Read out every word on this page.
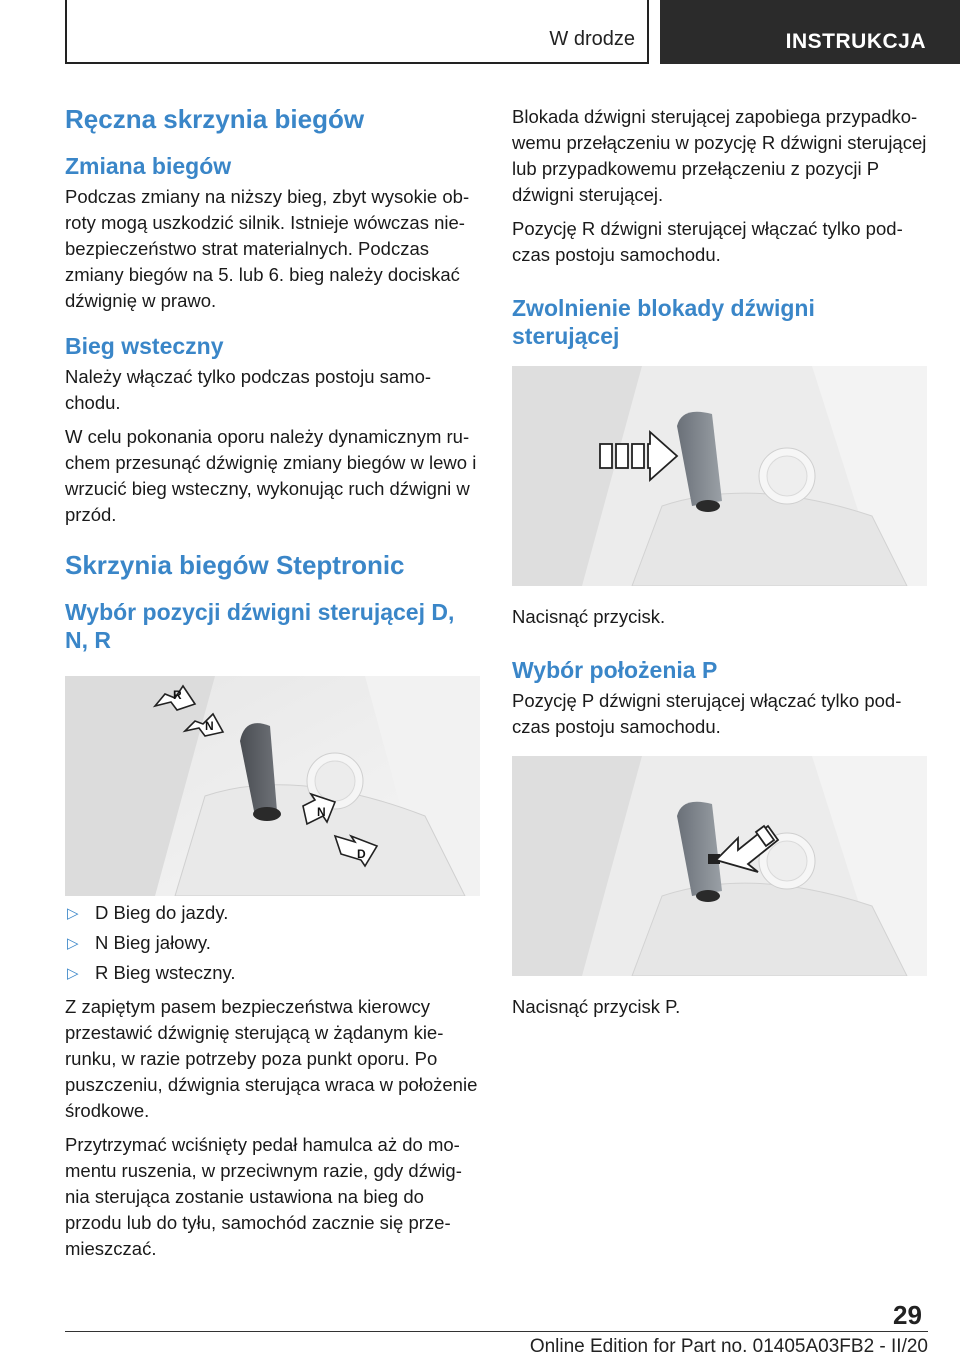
W drodze	INSTRUKCJA
Ręczna skrzynia biegów
Zmiana biegów

Podczas zmiany na niższy bieg, zbyt wysokie obroty mogą uszkodzić silnik. Istnieje wówczas niebezpieczeństwo strat materialnych. Podczas zmiany biegów na 5. lub 6. bieg należy dociskać dźwignię w prawo.

Bieg wsteczny

Należy włączać tylko podczas postoju samochodu.

W celu pokonania oporu należy dynamicznym ruchem przesunąć dźwignię zmiany biegów w lewo i wrzucić bieg wsteczny, wykonując ruch dźwigni w przód.

Skrzynia biegów Steptronic
Wybór pozycji dźwigni sterującej D, N, R
R
N
N
D
▷ D Bieg do jazdy.
▷ N Bieg jałowy.
▷ R Bieg wsteczny.

Z zapiętym pasem bezpieczeństwa kierowcy przestawić dźwignię sterującą w żądanym kierunku, w razie potrzeby poza punkt oporu. Po puszczeniu, dźwignia sterująca wraca w położenie środkowe.

Przytrzymać wciśnięty pedał hamulca aż do momentu ruszenia, w przeciwnym razie, gdy dźwignia sterująca zostanie ustawiona na bieg do przodu lub do tyłu, samochód zacznie się przemieszczać.

Blokada dźwigni sterującej zapobiega przypadkowemu przełączeniu w pozycję R dźwigni sterującej lub przypadkowemu przełączeniu z pozycji P dźwigni sterującej.

Pozycję R dźwigni sterującej włączać tylko podczas postoju samochodu.

Zwolnienie blokady dźwigni sterującej

Nacisnąć przycisk.

Wybór położenia P

Pozycję P dźwigni sterującej włączać tylko podczas postoju samochodu.

Nacisnąć przycisk P.

29
Online Edition for Part no. 01405A03FB2 - II/20
